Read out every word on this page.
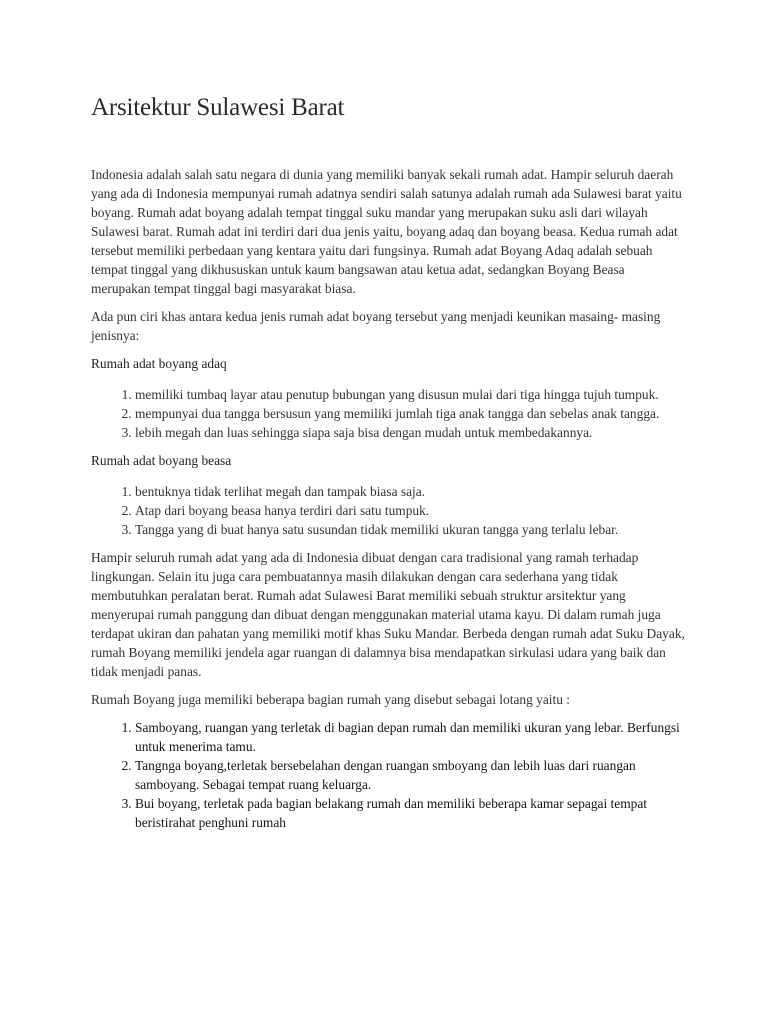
Arsitektur Sulawesi Barat

Indonesia adalah salah satu negara di dunia yang memiliki banyak sekali rumah adat. Hampir seluruh daerah yang ada di Indonesia mempunyai rumah adatnya sendiri salah satunya adalah rumah ada Sulawesi barat yaitu boyang. Rumah adat boyang adalah tempat tinggal suku mandar yang merupakan suku asli dari wilayah Sulawesi barat. Rumah adat ini terdiri dari dua jenis yaitu, boyang adaq dan boyang beasa. Kedua rumah adat tersebut memiliki perbedaan yang kentara yaitu dari fungsinya. Rumah adat Boyang Adaq adalah sebuah tempat tinggal yang dikhususkan untuk kaum bangsawan atau ketua adat, sedangkan Boyang Beasa merupakan tempat tinggal bagi masyarakat biasa.

Ada pun ciri khas antara kedua jenis rumah adat boyang tersebut yang menjadi keunikan masaing- masing jenisnya:

Rumah adat boyang adaq

1. memiliki tumbaq layar atau penutup bubungan yang disusun mulai dari tiga hingga tujuh tumpuk.
2. mempunyai dua tangga bersusun yang memiliki jumlah tiga anak tangga dan sebelas anak tangga.
3. lebih megah dan luas sehingga siapa saja bisa dengan mudah untuk membedakannya.

Rumah adat boyang beasa

1. bentuknya tidak terlihat megah dan tampak biasa saja.
2. Atap dari boyang beasa hanya terdiri dari satu tumpuk.
3. Tangga yang di buat hanya satu susundan tidak memiliki ukuran tangga yang terlalu lebar.

Hampir seluruh rumah adat yang ada di Indonesia dibuat dengan cara tradisional yang ramah terhadap lingkungan. Selain itu juga cara pembuatannya masih dilakukan dengan cara sederhana yang tidak membutuhkan peralatan berat. Rumah adat Sulawesi Barat memiliki sebuah struktur arsitektur yang menyerupai rumah panggung dan dibuat dengan menggunakan material utama kayu. Di dalam rumah juga terdapat ukiran dan pahatan yang memiliki motif khas Suku Mandar. Berbeda dengan rumah adat Suku Dayak, rumah Boyang memiliki jendela agar ruangan di dalamnya bisa mendapatkan sirkulasi udara yang baik dan tidak menjadi panas.

Rumah Boyang juga memiliki beberapa bagian rumah yang disebut sebagai lotang yaitu :

1. Samboyang, ruangan yang terletak di bagian depan rumah dan memiliki ukuran yang lebar. Berfungsi untuk menerima tamu.
2. Tangnga boyang,terletak bersebelahan dengan ruangan smboyang dan lebih luas dari ruangan samboyang. Sebagai tempat ruang keluarga.
3. Bui boyang, terletak pada bagian belakang rumah dan memiliki beberapa kamar sepagai tempat beristirahat penghuni rumah
